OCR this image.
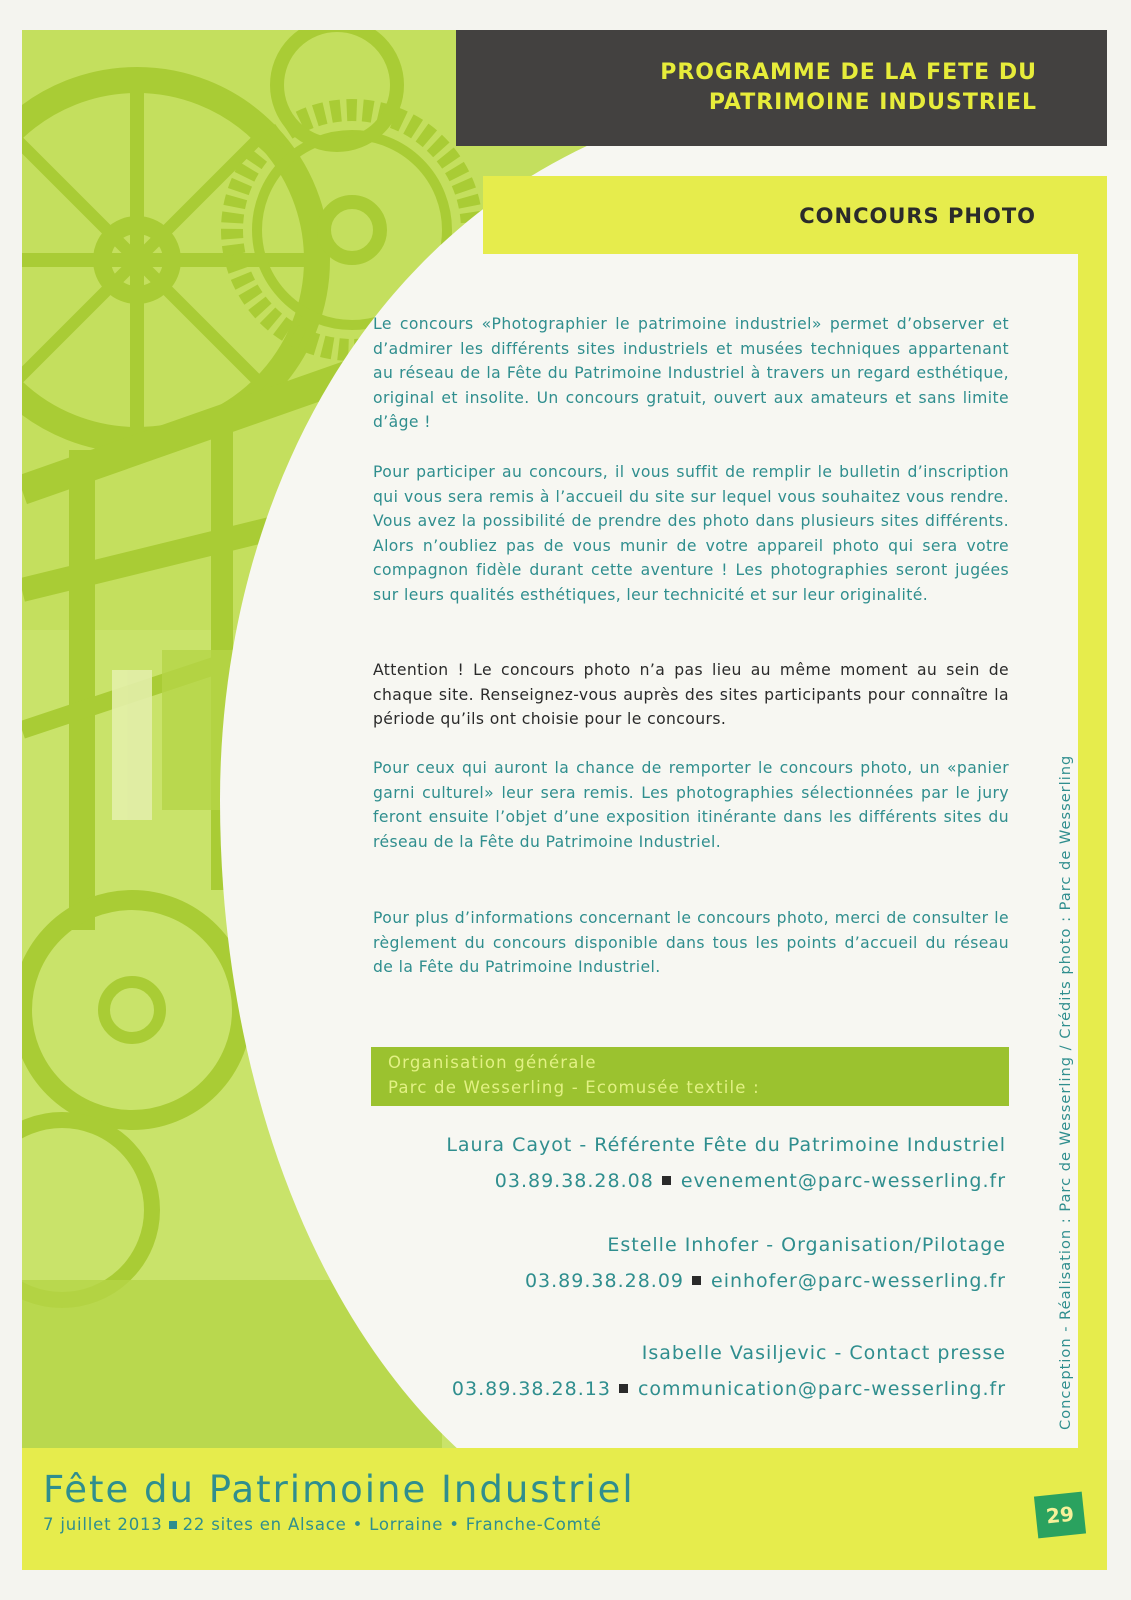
PROGRAMME DE LA FETE DU
PATRIMOINE INDUSTRIEL
CONCOURS PHOTO

Le concours «Photographier le patrimoine industriel» permet d’observer et d’admirer les différents sites industriels et musées techniques appartenant au réseau de la Fête du Patrimoine Industriel à travers un regard esthétique, original et insolite. Un concours gratuit, ouvert aux amateurs et sans limite d’âge !

Pour participer au concours, il vous suffit de remplir le bulletin d’inscription qui vous sera remis à l’accueil du site sur lequel vous souhaitez vous rendre. Vous avez la possibilité de prendre des photo dans plusieurs sites différents. Alors n’oubliez pas de vous munir de votre appareil photo qui sera votre compagnon fidèle durant cette aventure ! Les photographies seront jugées sur leurs qualités esthétiques, leur technicité et sur leur originalité.

Attention ! Le concours photo n’a pas lieu au même moment au sein de chaque site. Renseignez-vous auprès des sites participants pour connaître la période qu’ils ont choisie pour le concours.

Pour ceux qui auront la chance de remporter le concours photo, un «panier garni culturel» leur sera remis. Les photographies sélectionnées par le jury feront ensuite l’objet d’une exposition itinérante dans les différents sites du réseau de la Fête du Patrimoine Industriel.

Pour plus d’informations concernant le concours photo, merci de consulter le règlement du concours disponible dans tous les points d’accueil du réseau de la Fête du Patrimoine Industriel.

Organisation générale
Parc de Wesserling - Ecomusée textile :
Laura Cayot - Référente Fête du Patrimoine Industriel
03.89.38.28.08 evenement@parc-wesserling.fr
Estelle Inhofer - Organisation/Pilotage
03.89.38.28.09 einhofer@parc-wesserling.fr
Isabelle Vasiljevic - Contact presse
03.89.38.28.13 communication@parc-wesserling.fr	Conception - Réalisation : Parc de Wesserling / Crédits photo : Parc de Wesserling
Fête du Patrimoine Industriel
7 juillet 2013 22 sites en Alsace • Lorraine • Franche-Comté	29
